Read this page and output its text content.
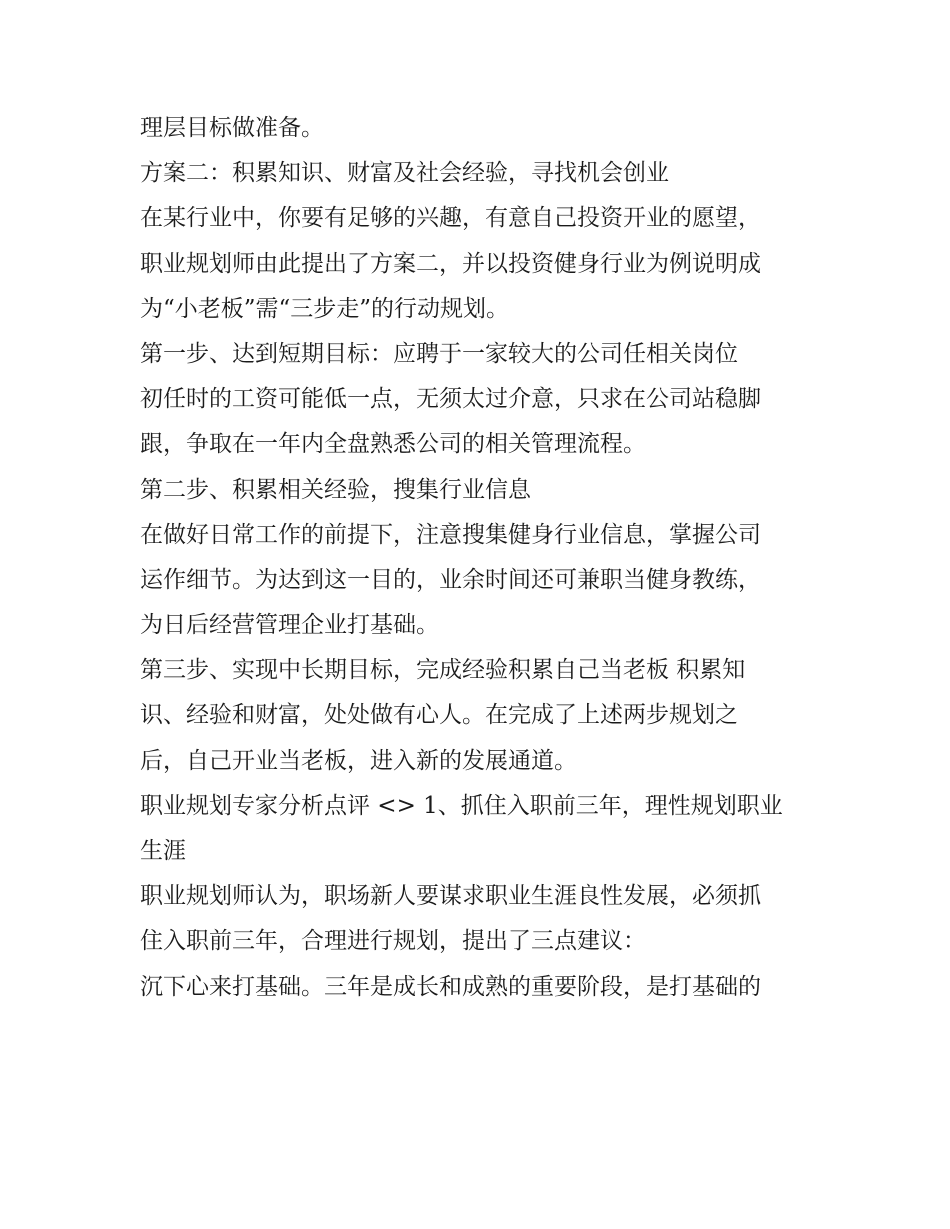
理层目标做准备。
方案二：积累知识、财富及社会经验，寻找机会创业
在某行业中，你要有足够的兴趣，有意自己投资开业的愿望，
职业规划师由此提出了方案二，并以投资健身行业为例说明成
为“小老板”需“三步走”的行动规划。
第一步、达到短期目标：应聘于一家较大的公司任相关岗位
初任时的工资可能低一点，无须太过介意，只求在公司站稳脚
跟，争取在一年内全盘熟悉公司的相关管理流程。
第二步、积累相关经验，搜集行业信息
在做好日常工作的前提下，注意搜集健身行业信息，掌握公司
运作细节。为达到这一目的，业余时间还可兼职当健身教练，
为日后经营管理企业打基础。
第三步、实现中长期目标，完成经验积累自己当老板 积累知
识、经验和财富，处处做有心人。在完成了上述两步规划之
后，自己开业当老板，进入新的发展通道。
职业规划专家分析点评 <> 1、抓住入职前三年，理性规划职业
生涯
职业规划师认为，职场新人要谋求职业生涯良性发展，必须抓
住入职前三年，合理进行规划，提出了三点建议：
沉下心来打基础。三年是成长和成熟的重要阶段，是打基础的
